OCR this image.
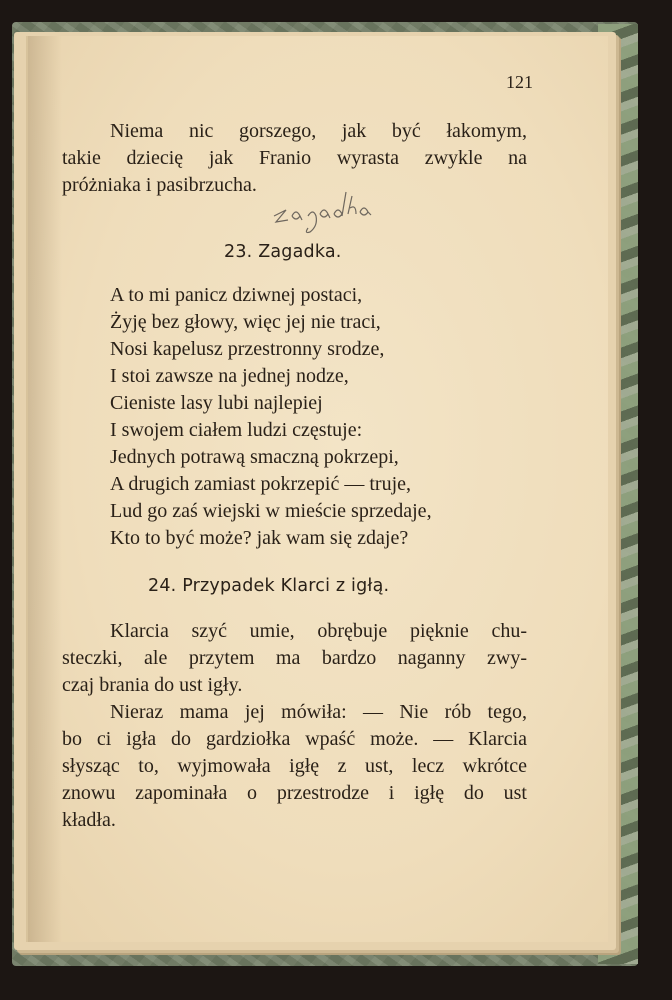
121
Niema nic gorszego, jak być łakomym,
takie dziecię jak Franio wyrasta zwykle na
próżniaka i pasibrzucha.
23. Zagadka.
A to mi panicz dziwnej postaci,
Żyję bez głowy, więc jej nie traci,
Nosi kapelusz przestronny srodze,
I stoi zawsze na jednej nodze,
Cieniste lasy lubi najlepiej
I swojem ciałem ludzi częstuje:
Jednych potrawą smaczną pokrzepi,
A drugich zamiast pokrzepić — truje,
Lud go zaś wiejski w mieście sprzedaje,
Kto to być może? jak wam się zdaje?
24. Przypadek Klarci z igłą.
Klarcia szyć umie, obrębuje pięknie chu-
steczki, ale przytem ma bardzo naganny zwy-
czaj brania do ust igły.
Nieraz mama jej mówiła: — Nie rób tego,
bo ci igła do gardziołka wpaść może. — Klarcia
słysząc to, wyjmowała igłę z ust, lecz wkrótce
znowu zapominała o przestrodze i igłę do ust
kładła.
